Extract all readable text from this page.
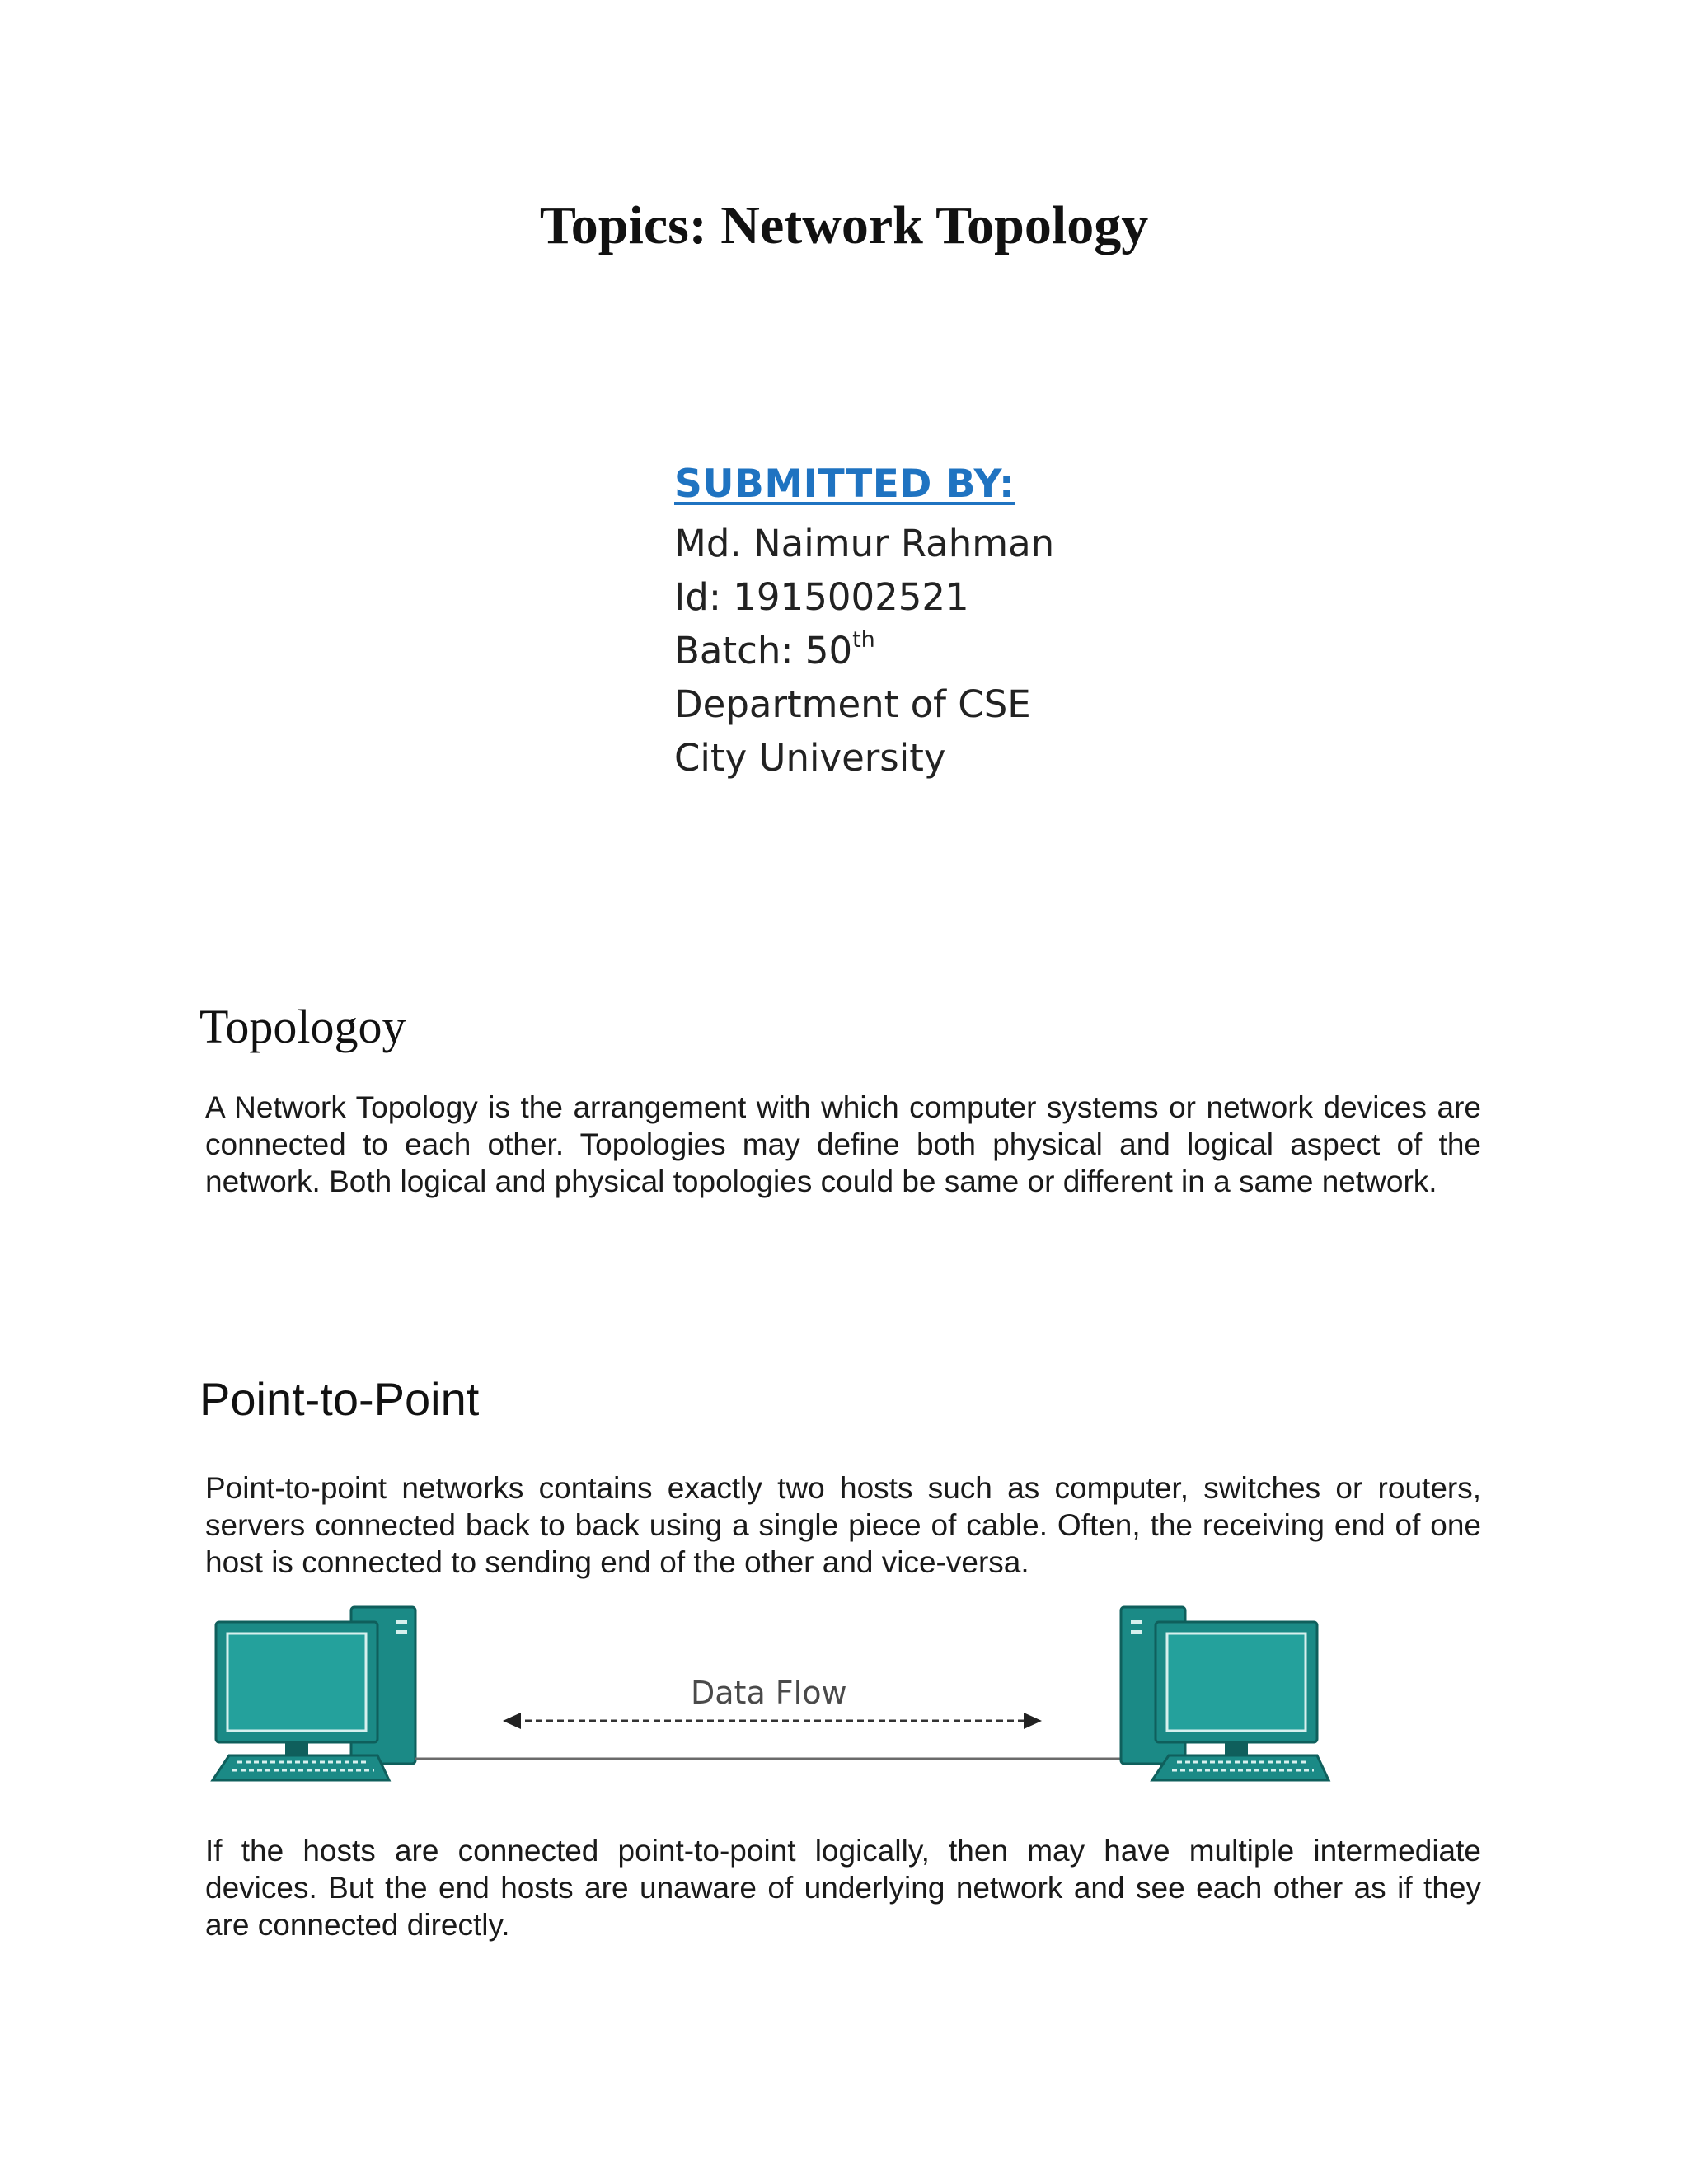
Topics: Network Topology

SUBMITTED BY:

Md. Naimur Rahman

Id: 1915002521

Batch: 50th

Department of CSE

City University

Topologoy

A Network Topology is the arrangement with which computer systems or network devices are connected to each other. Topologies may define both physical and logical aspect of the network. Both logical and physical topologies could be same or different in a same network.

Point-to-Point

Point-to-point networks contains exactly two hosts such as computer, switches or routers, servers connected back to back using a single piece of cable. Often, the receiving end of one host is connected to sending end of the other and vice-versa.

Data Flow

If the hosts are connected point-to-point logically, then may have multiple intermediate devices. But the end hosts are unaware of underlying network and see each other as if they are connected directly.
